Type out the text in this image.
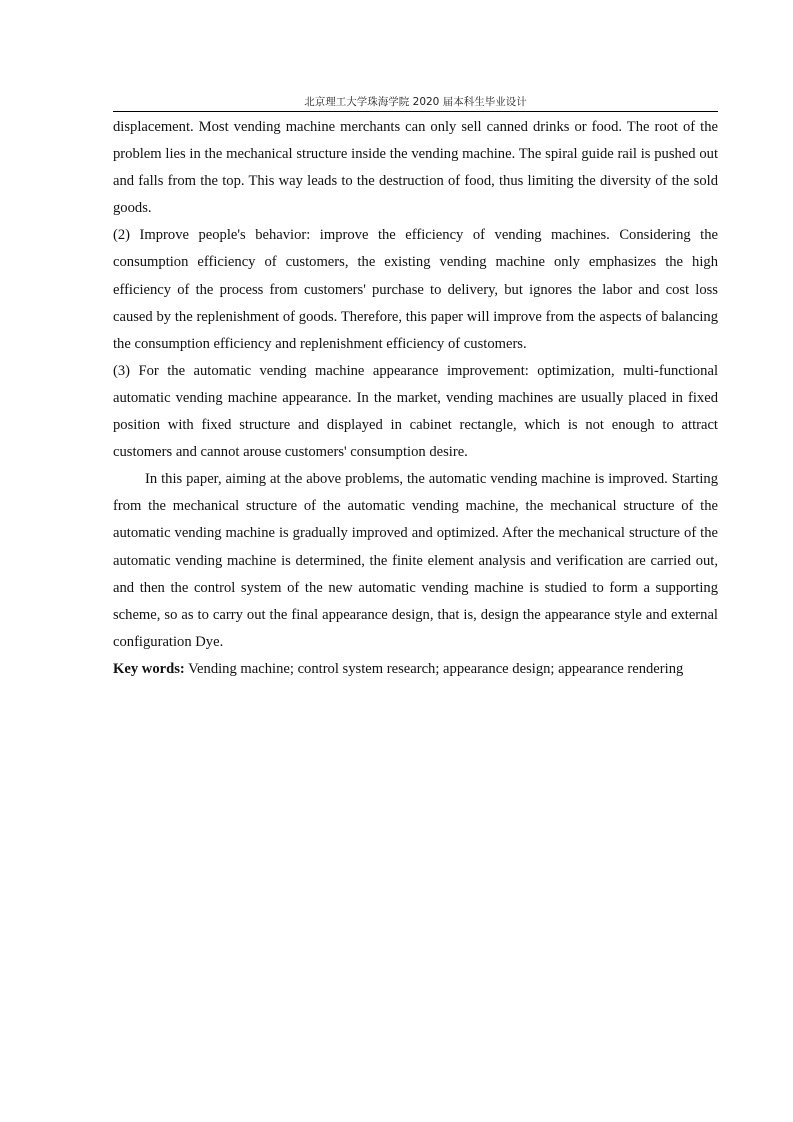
北京理工大学珠海学院 2020 届本科生毕业设计

displacement. Most vending machine merchants can only sell canned drinks or food. The root of the problem lies in the mechanical structure inside the vending machine. The spiral guide rail is pushed out and falls from the top. This way leads to the destruction of food, thus limiting the diversity of the sold goods.

(2) Improve people's behavior: improve the efficiency of vending machines. Considering the consumption efficiency of customers, the existing vending machine only emphasizes the high efficiency of the process from customers' purchase to delivery, but ignores the labor and cost loss caused by the replenishment of goods. Therefore, this paper will improve from the aspects of balancing the consumption efficiency and replenishment efficiency of customers.

(3) For the automatic vending machine appearance improvement: optimization, multi-functional automatic vending machine appearance. In the market, vending machines are usually placed in fixed position with fixed structure and displayed in cabinet rectangle, which is not enough to attract customers and cannot arouse customers' consumption desire.

In this paper, aiming at the above problems, the automatic vending machine is improved. Starting from the mechanical structure of the automatic vending machine, the mechanical structure of the automatic vending machine is gradually improved and optimized. After the mechanical structure of the automatic vending machine is determined, the finite element analysis and verification are carried out, and then the control system of the new automatic vending machine is studied to form a supporting scheme, so as to carry out the final appearance design, that is, design the appearance style and external configuration Dye.

Key words: Vending machine; control system research; appearance design; appearance rendering
